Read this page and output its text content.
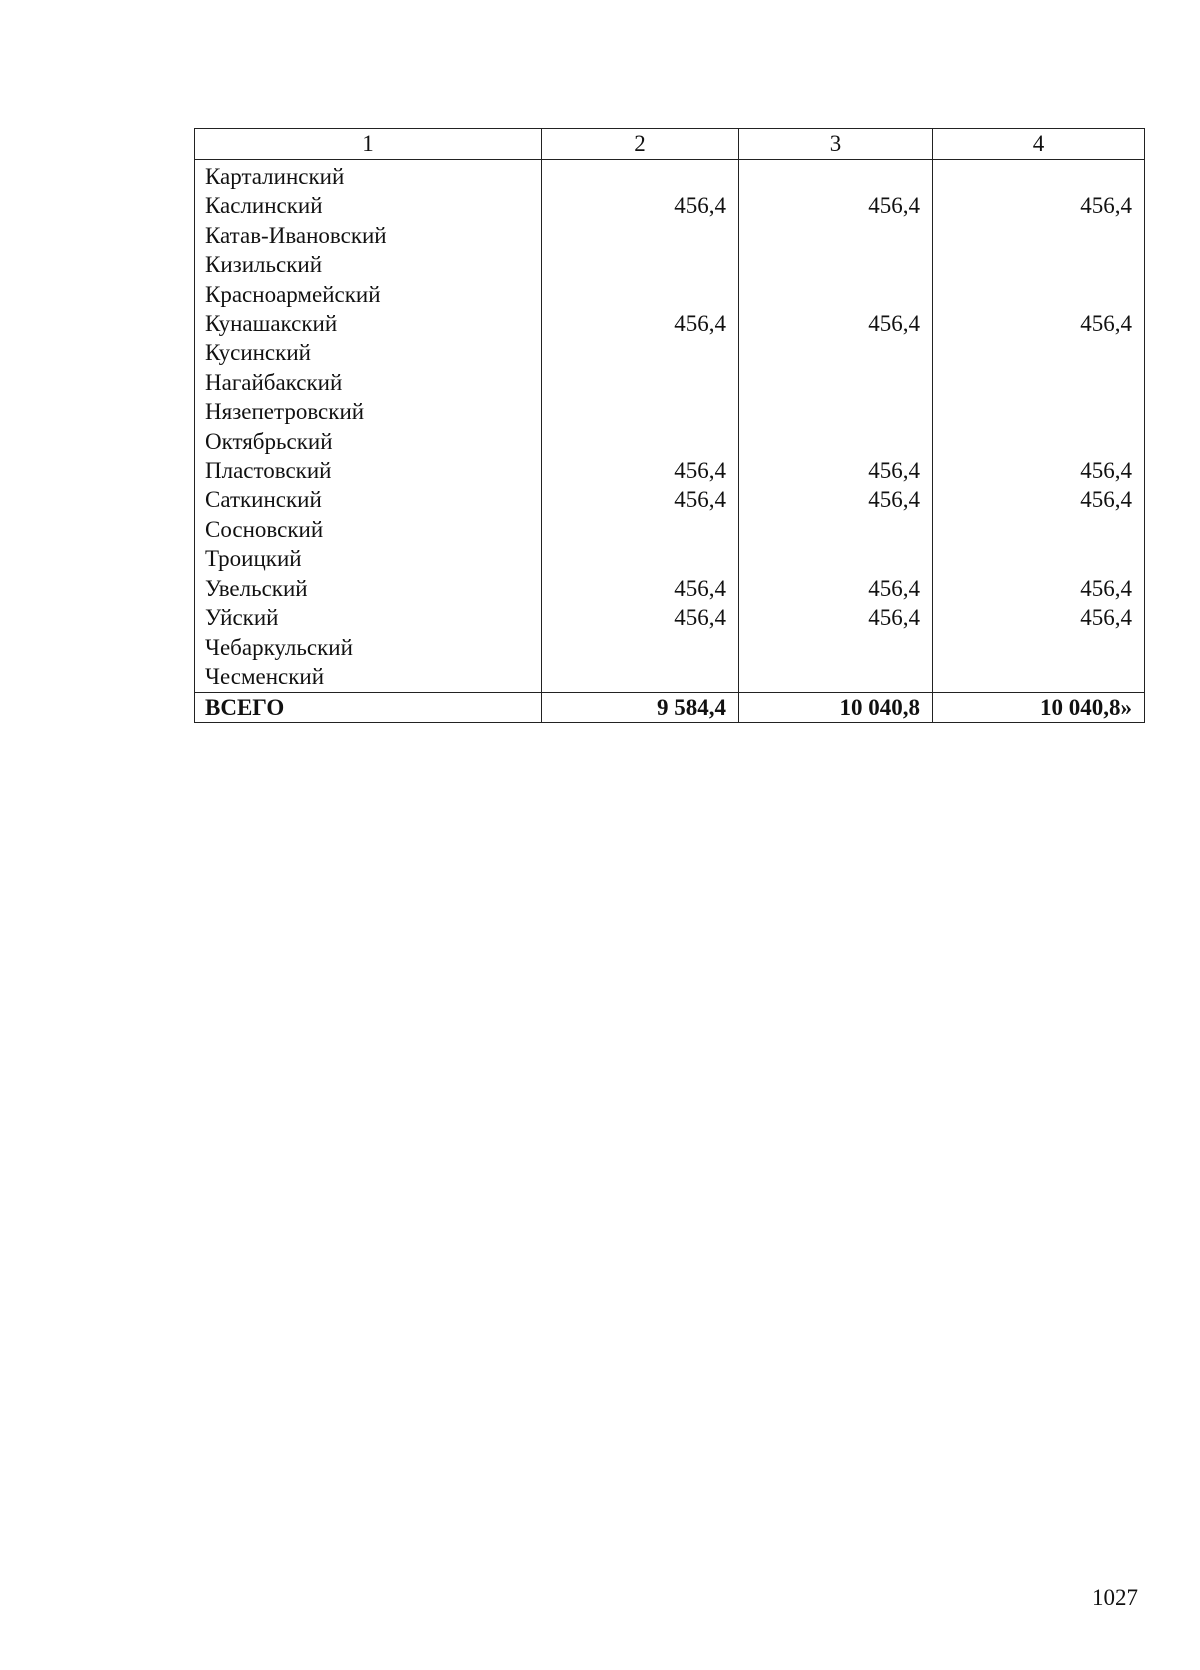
1	2	3	4
Карталинский			
Каслинский	456,4	456,4	456,4
Катав-Ивановский			
Кизильский			
Красноармейский			
Кунашакский	456,4	456,4	456,4
Кусинский			
Нагайбакский			
Нязепетровский			
Октябрьский			
Пластовский	456,4	456,4	456,4
Саткинский	456,4	456,4	456,4
Сосновский			
Троицкий			
Увельский	456,4	456,4	456,4
Уйский	456,4	456,4	456,4
Чебаркульский			
Чесменский			
ВСЕГО	9 584,4	10 040,8	10 040,8»
1027
